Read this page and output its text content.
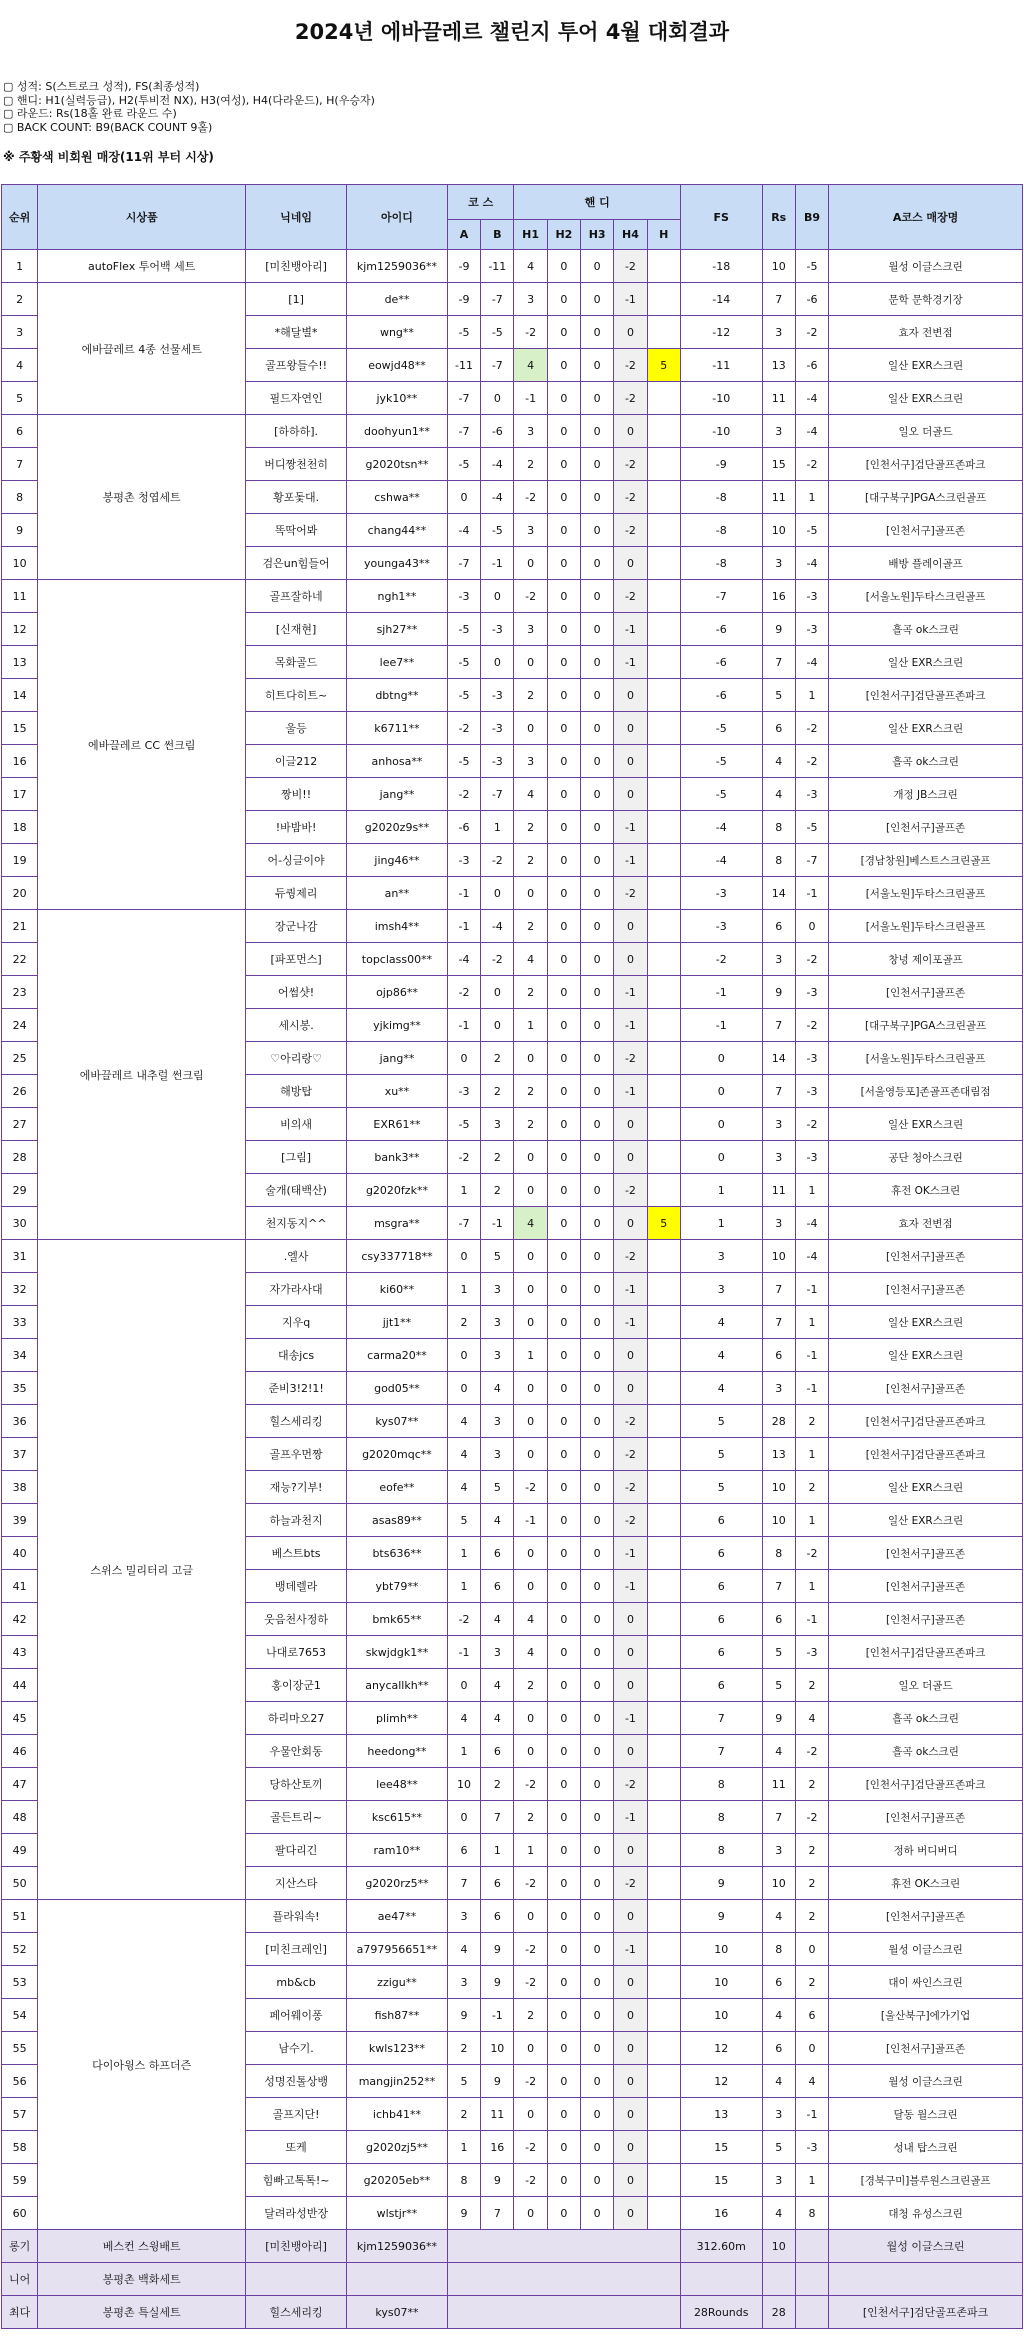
2024년 에바끌레르 챌린지 투어 4월 대회결과
▢ 성적: S(스트로크 성적), FS(최종성적)
▢ 핸디: H1(실력등급), H2(투비전 NX), H3(여성), H4(다라운드), H(우승자)
▢ 라운드: Rs(18홀 완료 라운드 수)
▢ BACK COUNT: B9(BACK COUNT 9홀)
※ 주황색 비회원 매장(11위 부터 시상)
순위	시상품	닉네임	아이디	코 스		핸 디					FS	Rs	B9	A코스 매장명
				A	B	H1	H2	H3	H4	H				
1	autoFlex 투어백 세트	[미친뱅아리]	kjm1259036**	-9	-11	4	0	0	-2		-18	10	-5	월성 이글스크린
2	에바끌레르 4종 선물세트	[1]	de**	-9	-7	3	0	0	-1		-14	7	-6	문학 문학경기장
3		*해달별*	wng**	-5	-5	-2	0	0	0		-12	3	-2	효자 전변점
4		골프왕들수!!	eowjd48**	-11	-7	4	0	0	-2	5	-11	13	-6	일산 EXR스크린
5		필드자연인	jyk10**	-7	0	-1	0	0	-2		-10	11	-4	일산 EXR스크린
6	봉평촌 청엽세트	[하하하].	doohyun1**	-7	-6	3	0	0	0		-10	3	-4	일오 더골드
7		버디짱천천히	g2020tsn**	-5	-4	2	0	0	-2		-9	15	-2	[인천서구]검단골프존파크
8		황포돛대.	cshwa**	0	-4	-2	0	0	-2		-8	11	1	[대구북구]PGA스크린골프
9		똑딱어봐	chang44**	-4	-5	3	0	0	-2		-8	10	-5	[인천서구]골프존
10		검은un힘들어	younga43**	-7	-1	0	0	0	0		-8	3	-4	배방 플레이골프
11	에바끌레르 CC 썬크림	골프잘하네	ngh1**	-3	0	-2	0	0	-2		-7	16	-3	[서울노원]두타스크린골프
12		[신재현]	sjh27**	-5	-3	3	0	0	-1		-6	9	-3	흘곡 ok스크린
13		목화골드	lee7**	-5	0	0	0	0	-1		-6	7	-4	일산 EXR스크린
14		히트다히트~	dbtng**	-5	-3	2	0	0	0		-6	5	1	[인천서구]검단골프존파크
15		울등	k6711**	-2	-3	0	0	0	0		-5	6	-2	일산 EXR스크린
16		이글212	anhosa**	-5	-3	3	0	0	0		-5	4	-2	흘곡 ok스크린
17		짱비!!	jang**	-2	-7	4	0	0	0		-5	4	-3	개정 JB스크린
18		!바밤바!	g2020z9s**	-6	1	2	0	0	-1		-4	8	-5	[인천서구]골프존
19		어-싱글이야	jing46**	-3	-2	2	0	0	-1		-4	8	-7	[경남창원]베스트스크린골프
20		듀퀑제리	an**	-1	0	0	0	0	-2		-3	14	-1	[서울노원]두타스크린골프
21	에바끌레르 내추럴 썬크림	장군나감	imsh4**	-1	-4	2	0	0	0		-3	6	0	[서울노원]두타스크린골프
22		[파포먼스]	topclass00**	-4	-2	4	0	0	0		-2	3	-2	창녕 제이포골프
23		어썸샷!	ojp86**	-2	0	2	0	0	-1		-1	9	-3	[인천서구]골프존
24		세시봉.	yjkimg**	-1	0	1	0	0	-1		-1	7	-2	[대구북구]PGA스크린골프
25		♡아리랑♡	jang**	0	2	0	0	0	-2		0	14	-3	[서울노원]두타스크린골프
26		해방탑	xu**	-3	2	2	0	0	-1		0	7	-3	[서울영등포]존골프존대림점
27		비의새	EXR61**	-5	3	2	0	0	0		0	3	-2	일산 EXR스크린
28		[그림]	bank3**	-2	2	0	0	0	0		0	3	-3	공단 청아스크린
29		술개(태백산)	g2020fzk**	1	2	0	0	0	-2		1	11	1	휴전 OK스크린
30		천지동지^^	msgra**	-7	-1	4	0	0	0	5	1	3	-4	효자 전변점
31	스위스 밀리터리 고글	.엘사	csy337718**	0	5	0	0	0	-2		3	10	-4	[인천서구]골프존
32		자가라사대	ki60**	1	3	0	0	0	-1		3	7	-1	[인천서구]골프존
33		지우q	jjt1**	2	3	0	0	0	-1		4	7	1	일산 EXR스크린
34		대송jcs	carma20**	0	3	1	0	0	0		4	6	-1	일산 EXR스크린
35		준비3!2!1!	god05**	0	4	0	0	0	0		4	3	-1	[인천서구]골프존
36		힐스세리킹	kys07**	4	3	0	0	0	-2		5	28	2	[인천서구]검단골프존파크
37		골프우먼짱	g2020mqc**	4	3	0	0	0	-2		5	13	1	[인천서구]검단골프존파크
38		재능?기부!	eofe**	4	5	-2	0	0	-2		5	10	2	일산 EXR스크린
39		하늘과천지	asas89**	5	4	-1	0	0	-2		6	10	1	일산 EXR스크린
40		베스트bts	bts636**	1	6	0	0	0	-1		6	8	-2	[인천서구]골프존
41		뱅데렐라	ybt79**	1	6	0	0	0	-1		6	7	1	[인천서구]골프존
42		웃음천사정하	bmk65**	-2	4	4	0	0	0		6	6	-1	[인천서구]골프존
43		나대로7653	skwjdgk1**	-1	3	4	0	0	0		6	5	-3	[인천서구]검단골프존파크
44		홍이장군1	anycallkh**	0	4	2	0	0	0		6	5	2	일오 더골드
45		하리마오27	plimh**	4	4	0	0	0	-1		7	9	4	흘곡 ok스크린
46		우물안회동	heedong**	1	6	0	0	0	0		7	4	-2	흘곡 ok스크린
47		당하산토끼	lee48**	10	2	-2	0	0	-2		8	11	2	[인천서구]검단골프존파크
48		골든트리~	ksc615**	0	7	2	0	0	-1		8	7	-2	[인천서구]골프존
49		팔다리긴	ram10**	6	1	1	0	0	0		8	3	2	정하 버디버디
50		지산스타	g2020rz5**	7	6	-2	0	0	-2		9	10	2	휴전 OK스크린
51	다이아윙스 하프더즌	플라워속!	ae47**	3	6	0	0	0	0		9	4	2	[인천서구]골프존
52		[미친크레인]	a797956651**	4	9	-2	0	0	-1		10	8	0	월성 이글스크린
53		mb&cb	zzigu**	3	9	-2	0	0	0		10	6	2	대이 싸인스크린
54		페어웨이퐁	fish87**	9	-1	2	0	0	0		10	4	6	[울산북구]에가기업
55		남수기.	kwls123**	2	10	0	0	0	0		12	6	0	[인천서구]골프존
56		성명진톨상뱅	mangjin252**	5	9	-2	0	0	0		12	4	4	월성 이글스크린
57		골프지단!	ichb41**	2	11	0	0	0	0		13	3	-1	달동 월스크린
58		또케	g2020zj5**	1	16	-2	0	0	0		15	5	-3	성내 탑스크린
59		힘빠고톡톡!~	g20205eb**	8	9	-2	0	0	0		15	3	1	[경북구미]블루원스크린골프
60		달려라성반장	wlstjr**	9	7	0	0	0	0		16	4	8	대청 유성스크린
롱기	베스컨 스윙배트	[미친뱅아리]	kjm1259036**								312.60m	10		월성 이글스크린
니어	봉평촌 백화세트													
최다	봉평촌 특실세트	힐스세리킹	kys07**								28Rounds	28		[인천서구]검단골프존파크
